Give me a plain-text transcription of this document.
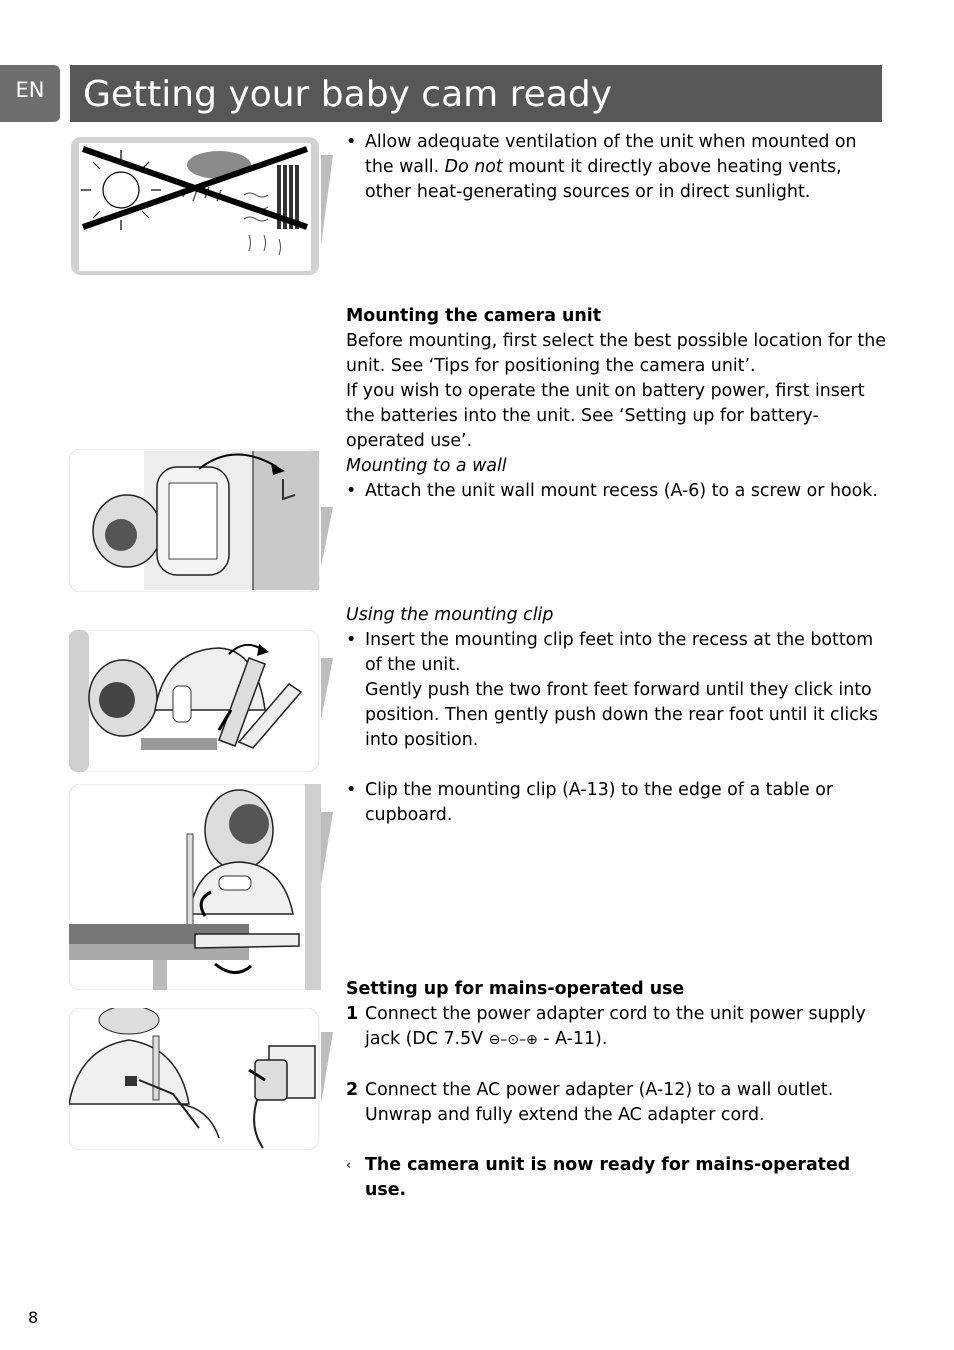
EN	Getting your baby cam ready

• Allow adequate ventilation of the unit when mounted on the wall. Do not mount it directly above heating vents, other heat-generating sources or in direct sunlight.

Mounting the camera unit

Before mounting, first select the best possible location for the unit. See ‘Tips for positioning the camera unit’.

If you wish to operate the unit on battery power, first insert the batteries into the unit. See ‘Setting up for battery-operated use’.

Mounting to a wall

• Attach the unit wall mount recess (A-6) to a screw or hook.

Using the mounting clip

• Insert the mounting clip feet into the recess at the bottom of the unit.

Gently push the two front feet forward until they click into position. Then gently push down the rear foot until it clicks into position.

• Clip the mounting clip (A-13) to the edge of a table or cupboard.

Setting up for mains-operated use

1 Connect the power adapter cord to the unit power supply jack (DC 7.5V ⊖–⊙–⊕ - A-11).

2 Connect the AC power adapter (A-12) to a wall outlet. Unwrap and fully extend the AC adapter cord.

‹ The camera unit is now ready for mains-operated use.

8
